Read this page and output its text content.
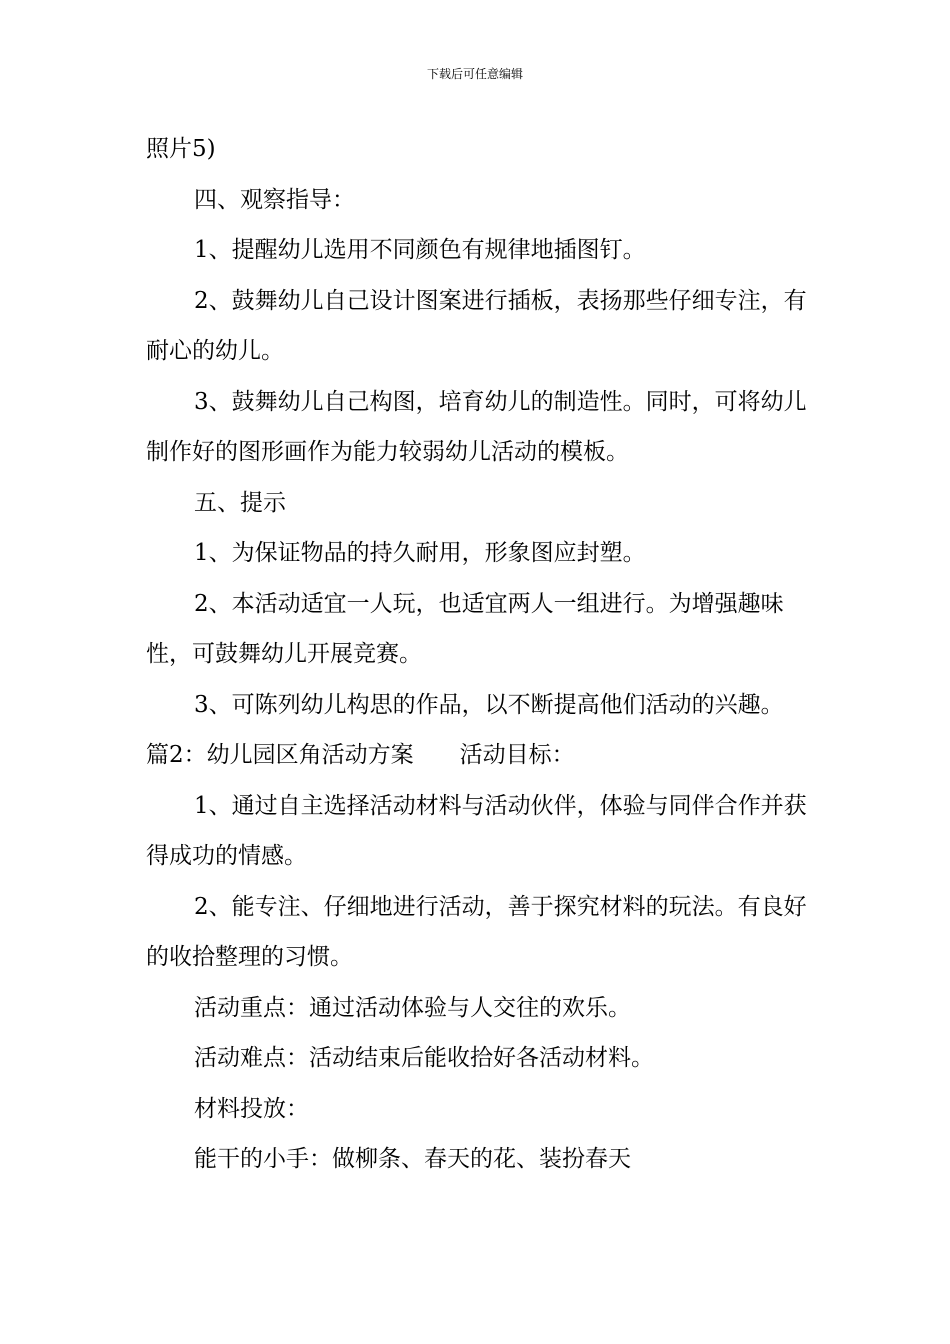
下载后可任意编辑

照片5)

四、观察指导：

1、提醒幼儿选用不同颜色有规律地插图钉。

2、鼓舞幼儿自己设计图案进行插板，表扬那些仔细专注，有耐心的幼儿。

3、鼓舞幼儿自己构图，培育幼儿的制造性。同时，可将幼儿制作好的图形画作为能力较弱幼儿活动的模板。

五、提示

1、为保证物品的持久耐用，形象图应封塑。

2、本活动适宜一人玩，也适宜两人一组进行。为增强趣味性，可鼓舞幼儿开展竞赛。

3、可陈列幼儿构思的作品，以不断提高他们活动的兴趣。

篇2：幼儿园区角活动方案　　活动目标：

1、通过自主选择活动材料与活动伙伴，体验与同伴合作并获得成功的情感。

2、能专注、仔细地进行活动，善于探究材料的玩法。有良好的收拾整理的习惯。

活动重点：通过活动体验与人交往的欢乐。

活动难点：活动结束后能收拾好各活动材料。

材料投放：

能干的小手：做柳条、春天的花、装扮春天
